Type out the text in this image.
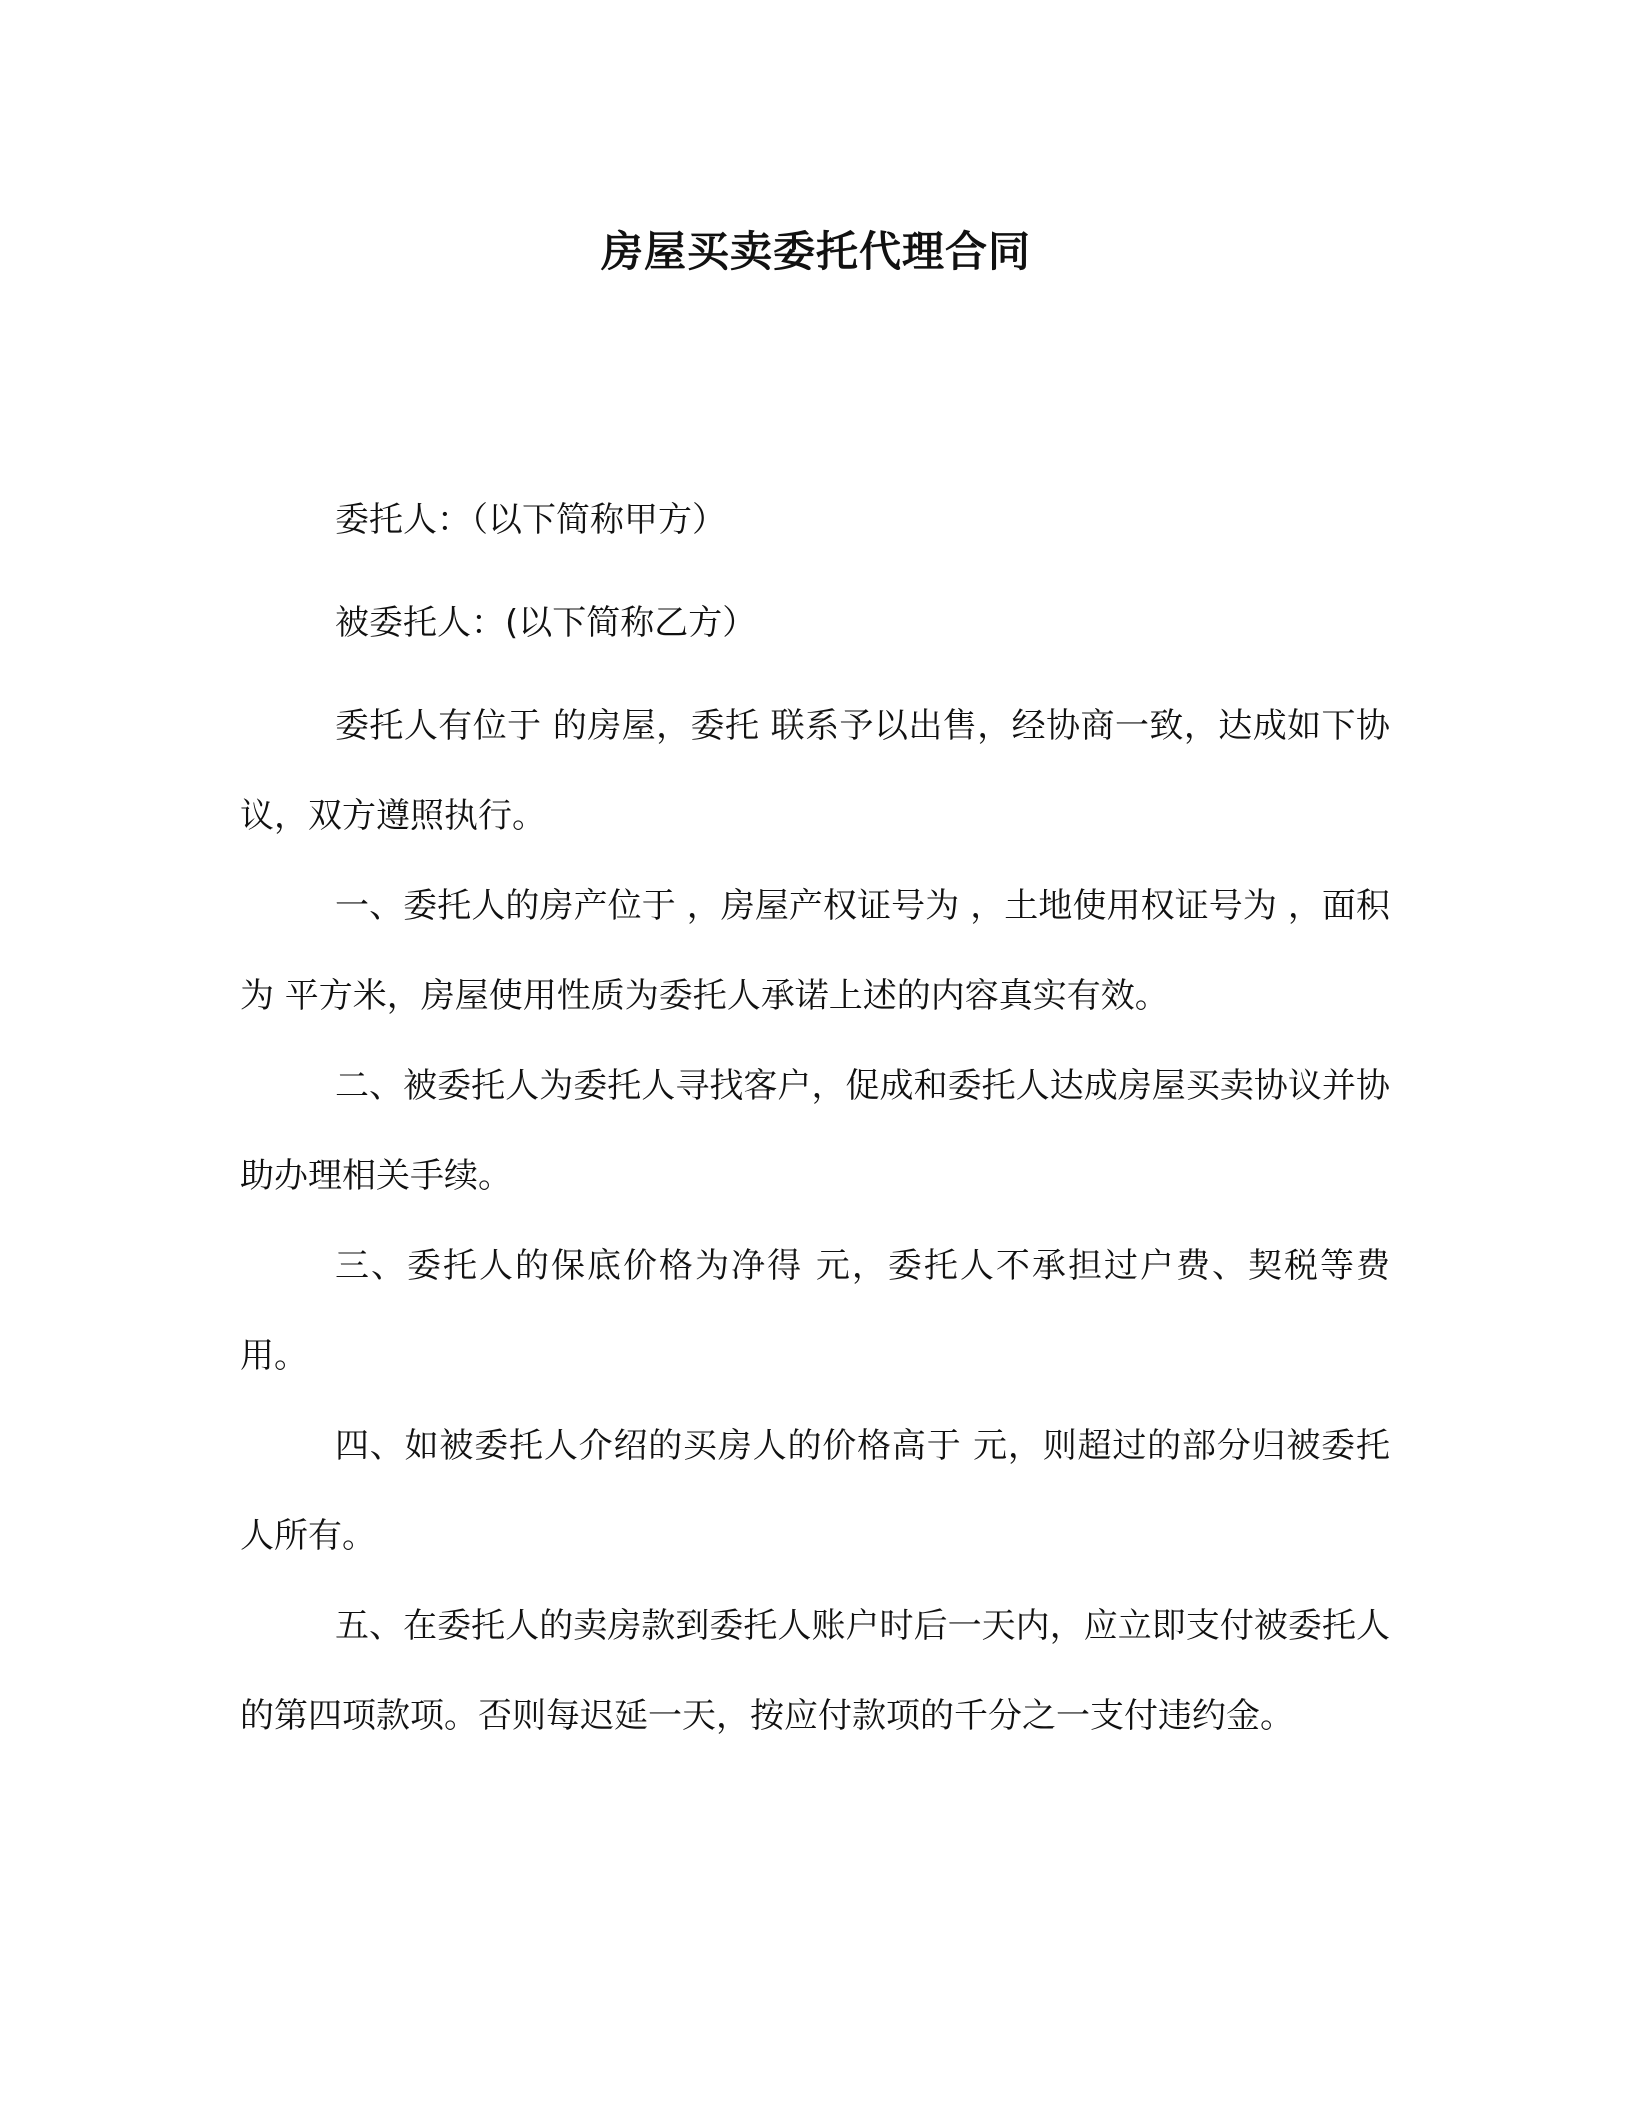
房屋买卖委托代理合同

委托人：（以下简称甲方）

被委托人：(以下简称乙方）

委托人有位于 的房屋，委托 联系予以出售，经协商一致，达成如下协议，双方遵照执行。

一、委托人的房产位于 ，房屋产权证号为 ，土地使用权证号为 ，面积为 平方米，房屋使用性质为委托人承诺上述的内容真实有效。

二、被委托人为委托人寻找客户，促成和委托人达成房屋买卖协议并协助办理相关手续。

三、委托人的保底价格为净得 元，委托人不承担过户费、契税等费用。

四、如被委托人介绍的买房人的价格高于 元，则超过的部分归被委托人所有。

五、在委托人的卖房款到委托人账户时后一天内，应立即支付被委托人的第四项款项。否则每迟延一天，按应付款项的千分之一支付违约金。
